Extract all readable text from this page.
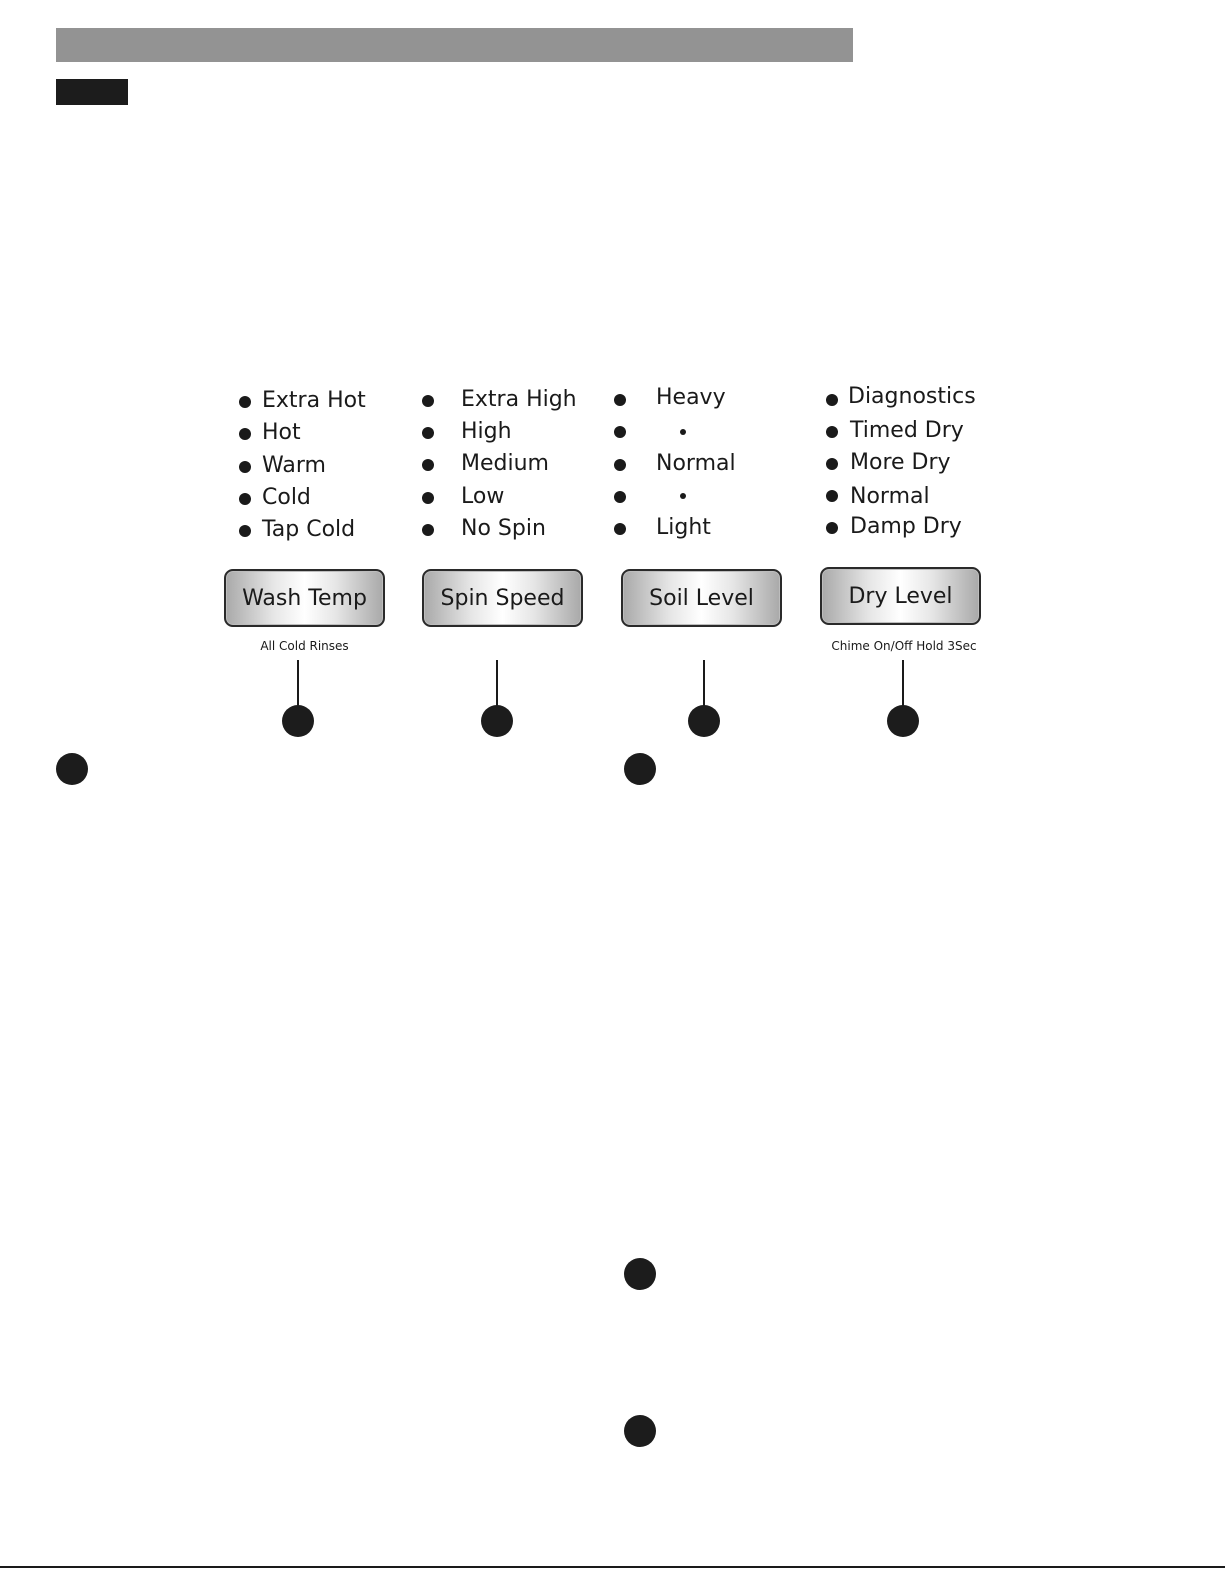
Extra Hot
Hot
Warm
Cold
Tap Cold
Wash Temp
All Cold Rinses
Extra High
High
Medium
Low
No Spin
Spin Speed
Heavy
Normal
Light
Soil Level
Diagnostics
Timed Dry
More Dry
Normal
Damp Dry
Dry Level
Chime On/Off Hold 3Sec
